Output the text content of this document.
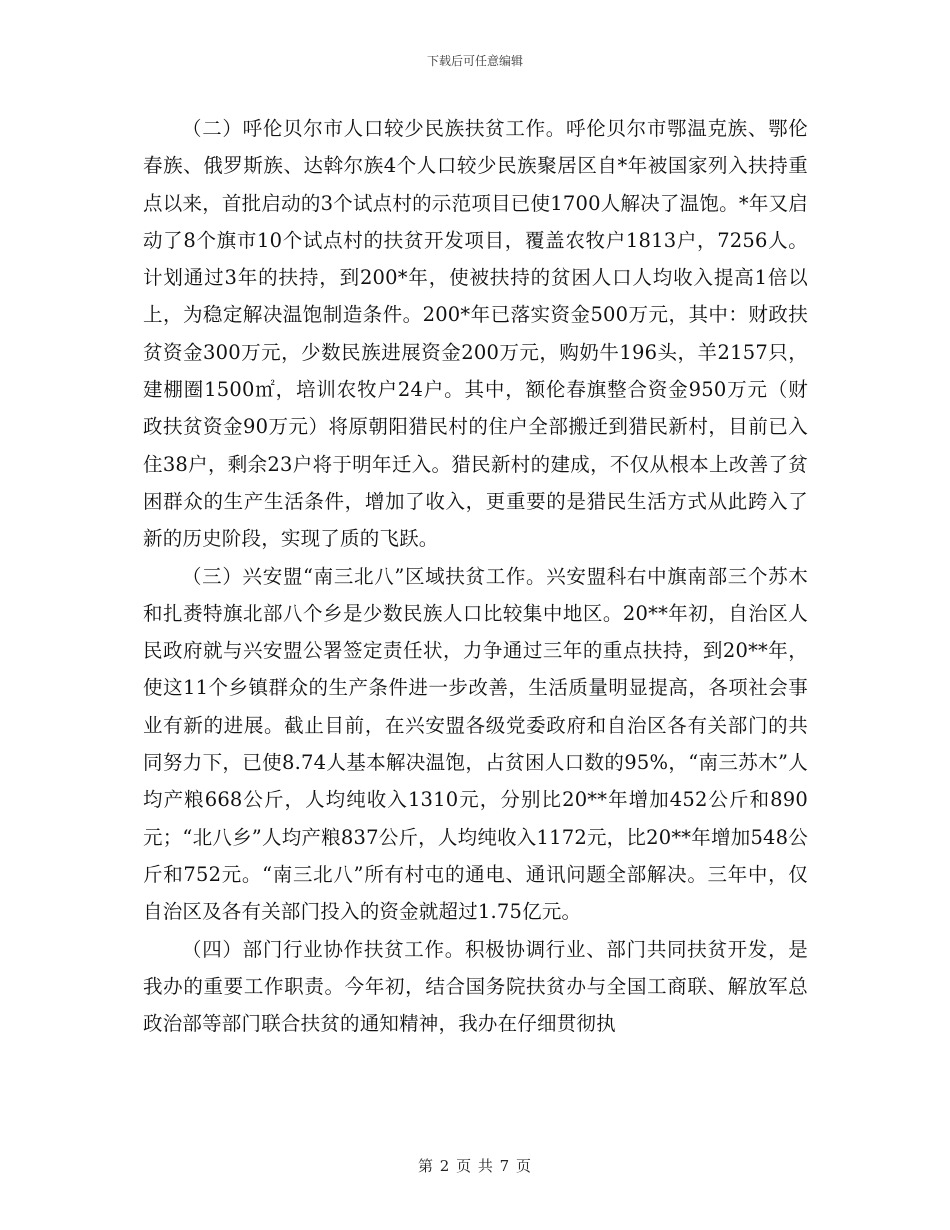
下载后可任意编辑

（二）呼伦贝尔市人口较少民族扶贫工作。呼伦贝尔市鄂温克族、鄂伦春族、俄罗斯族、达斡尔族4个人口较少民族聚居区自*年被国家列入扶持重点以来，首批启动的3个试点村的示范项目已使1700人解决了温饱。*年又启动了8个旗市10个试点村的扶贫开发项目，覆盖农牧户1813户，7256人。计划通过3年的扶持，到200*年，使被扶持的贫困人口人均收入提高1倍以上，为稳定解决温饱制造条件。200*年已落实资金500万元，其中：财政扶贫资金300万元，少数民族进展资金200万元，购奶牛196头，羊2157只，建棚圈1500㎡，培训农牧户24户。其中，额伦春旗整合资金950万元（财政扶贫资金90万元）将原朝阳猎民村的住户全部搬迁到猎民新村，目前已入住38户，剩余23户将于明年迁入。猎民新村的建成，不仅从根本上改善了贫困群众的生产生活条件，增加了收入，更重要的是猎民生活方式从此跨入了新的历史阶段，实现了质的飞跃。

（三）兴安盟“南三北八”区域扶贫工作。兴安盟科右中旗南部三个苏木和扎赉特旗北部八个乡是少数民族人口比较集中地区。20**年初，自治区人民政府就与兴安盟公署签定责任状，力争通过三年的重点扶持，到20**年，使这11个乡镇群众的生产条件进一步改善，生活质量明显提高，各项社会事业有新的进展。截止目前，在兴安盟各级党委政府和自治区各有关部门的共同努力下，已使8.74人基本解决温饱，占贫困人口数的95%，“南三苏木”人均产粮668公斤，人均纯收入1310元，分别比20**年增加452公斤和890元；“北八乡”人均产粮837公斤，人均纯收入1172元，比20**年增加548公斤和752元。“南三北八”所有村屯的通电、通讯问题全部解决。三年中，仅自治区及各有关部门投入的资金就超过1.75亿元。

（四）部门行业协作扶贫工作。积极协调行业、部门共同扶贫开发，是我办的重要工作职责。今年初，结合国务院扶贫办与全国工商联、解放军总政治部等部门联合扶贫的通知精神，我办在仔细贯彻执

第 2 页 共 7 页
